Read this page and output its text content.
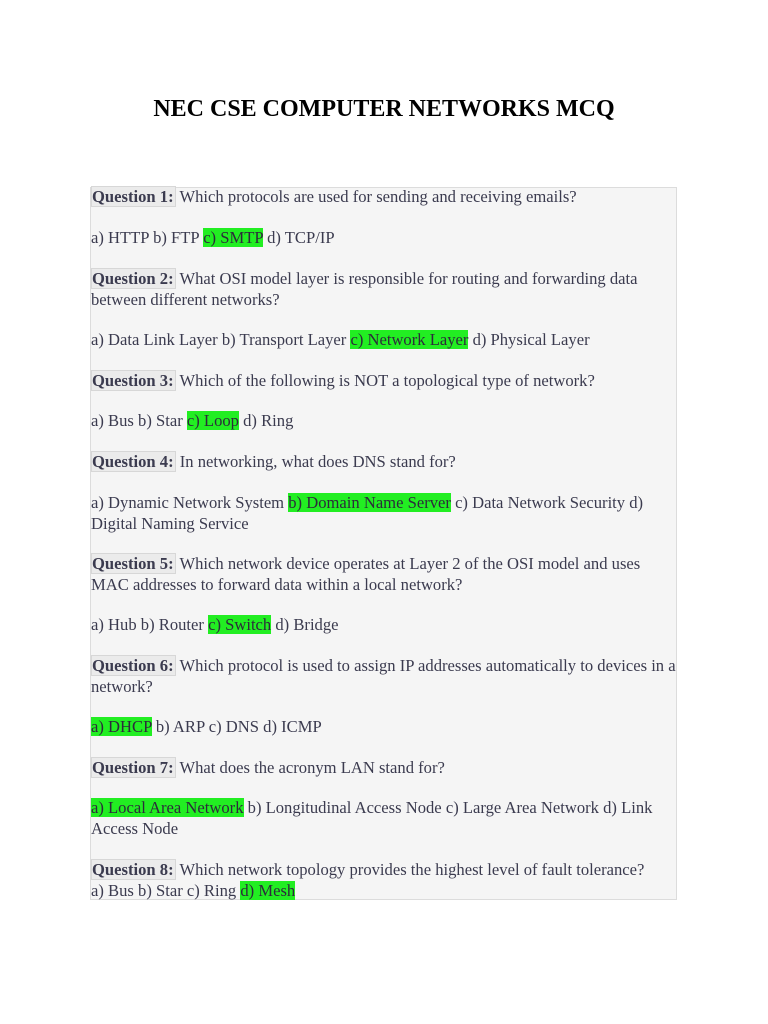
NEC CSE COMPUTER NETWORKS MCQ

Question 1: Which protocols are used for sending and receiving emails?

a) HTTP b) FTP c) SMTP d) TCP/IP

Question 2: What OSI model layer is responsible for routing and forwarding data between different networks?

a) Data Link Layer b) Transport Layer c) Network Layer d) Physical Layer

Question 3: Which of the following is NOT a topological type of network?

a) Bus b) Star c) Loop d) Ring

Question 4: In networking, what does DNS stand for?

a) Dynamic Network System b) Domain Name Server c) Data Network Security d) Digital Naming Service

Question 5: Which network device operates at Layer 2 of the OSI model and uses MAC addresses to forward data within a local network?

a) Hub b) Router c) Switch d) Bridge

Question 6: Which protocol is used to assign IP addresses automatically to devices in a network?

a) DHCP b) ARP c) DNS d) ICMP

Question 7: What does the acronym LAN stand for?

a) Local Area Network b) Longitudinal Access Node c) Large Area Network d) Link Access Node

Question 8: Which network topology provides the highest level of fault tolerance?
a) Bus b) Star c) Ring d) Mesh
